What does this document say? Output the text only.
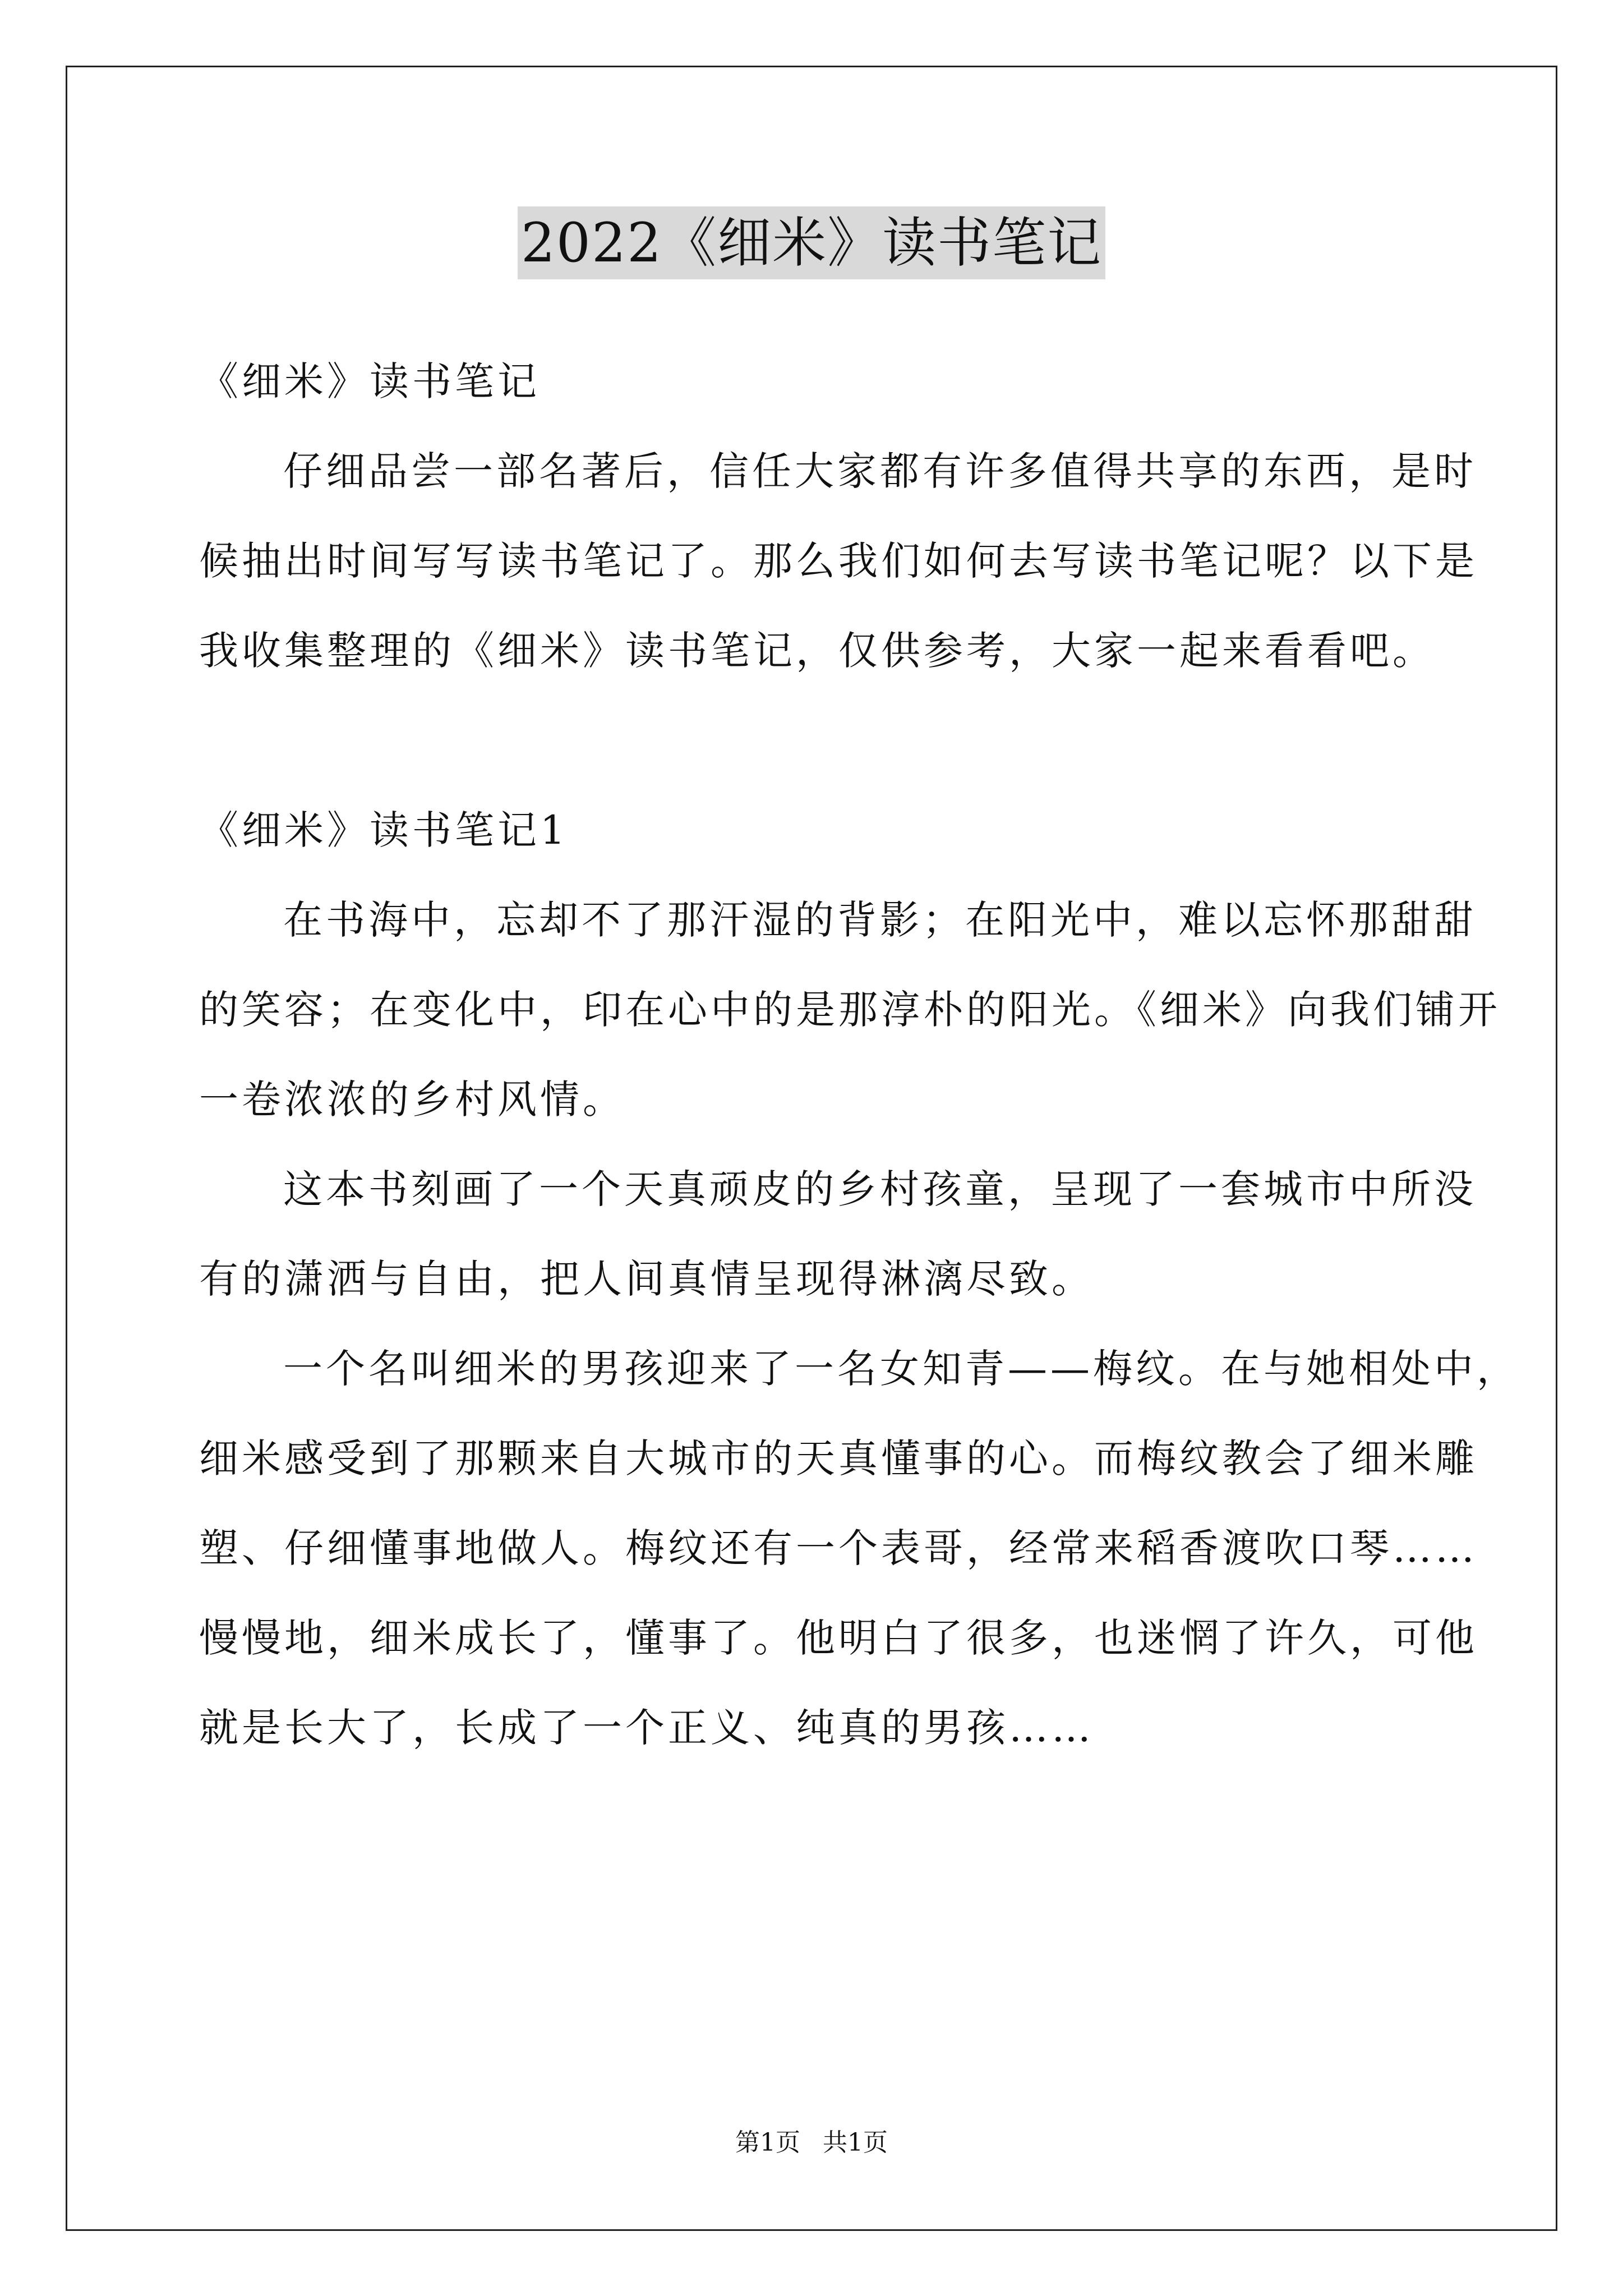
2022《细米》读书笔记
《细米》读书笔记
仔细品尝一部名著后，信任大家都有许多值得共享的东西，是时
候抽出时间写写读书笔记了。那么我们如何去写读书笔记呢？以下是
我收集整理的《细米》读书笔记，仅供参考，大家一起来看看吧。
《细米》读书笔记1
在书海中，忘却不了那汗湿的背影；在阳光中，难以忘怀那甜甜
的笑容；在变化中，印在心中的是那淳朴的阳光。《细米》向我们铺开
一卷浓浓的乡村风情。
这本书刻画了一个天真顽皮的乡村孩童，呈现了一套城市中所没
有的潇洒与自由，把人间真情呈现得淋漓尽致。
一个名叫细米的男孩迎来了一名女知青——梅纹。在与她相处中，
细米感受到了那颗来自大城市的天真懂事的心。而梅纹教会了细米雕
塑、仔细懂事地做人。梅纹还有一个表哥，经常来稻香渡吹口琴……
慢慢地，细米成长了，懂事了。他明白了很多，也迷惘了许久，可他
就是长大了，长成了一个正义、纯真的男孩……
第1页 共1页
